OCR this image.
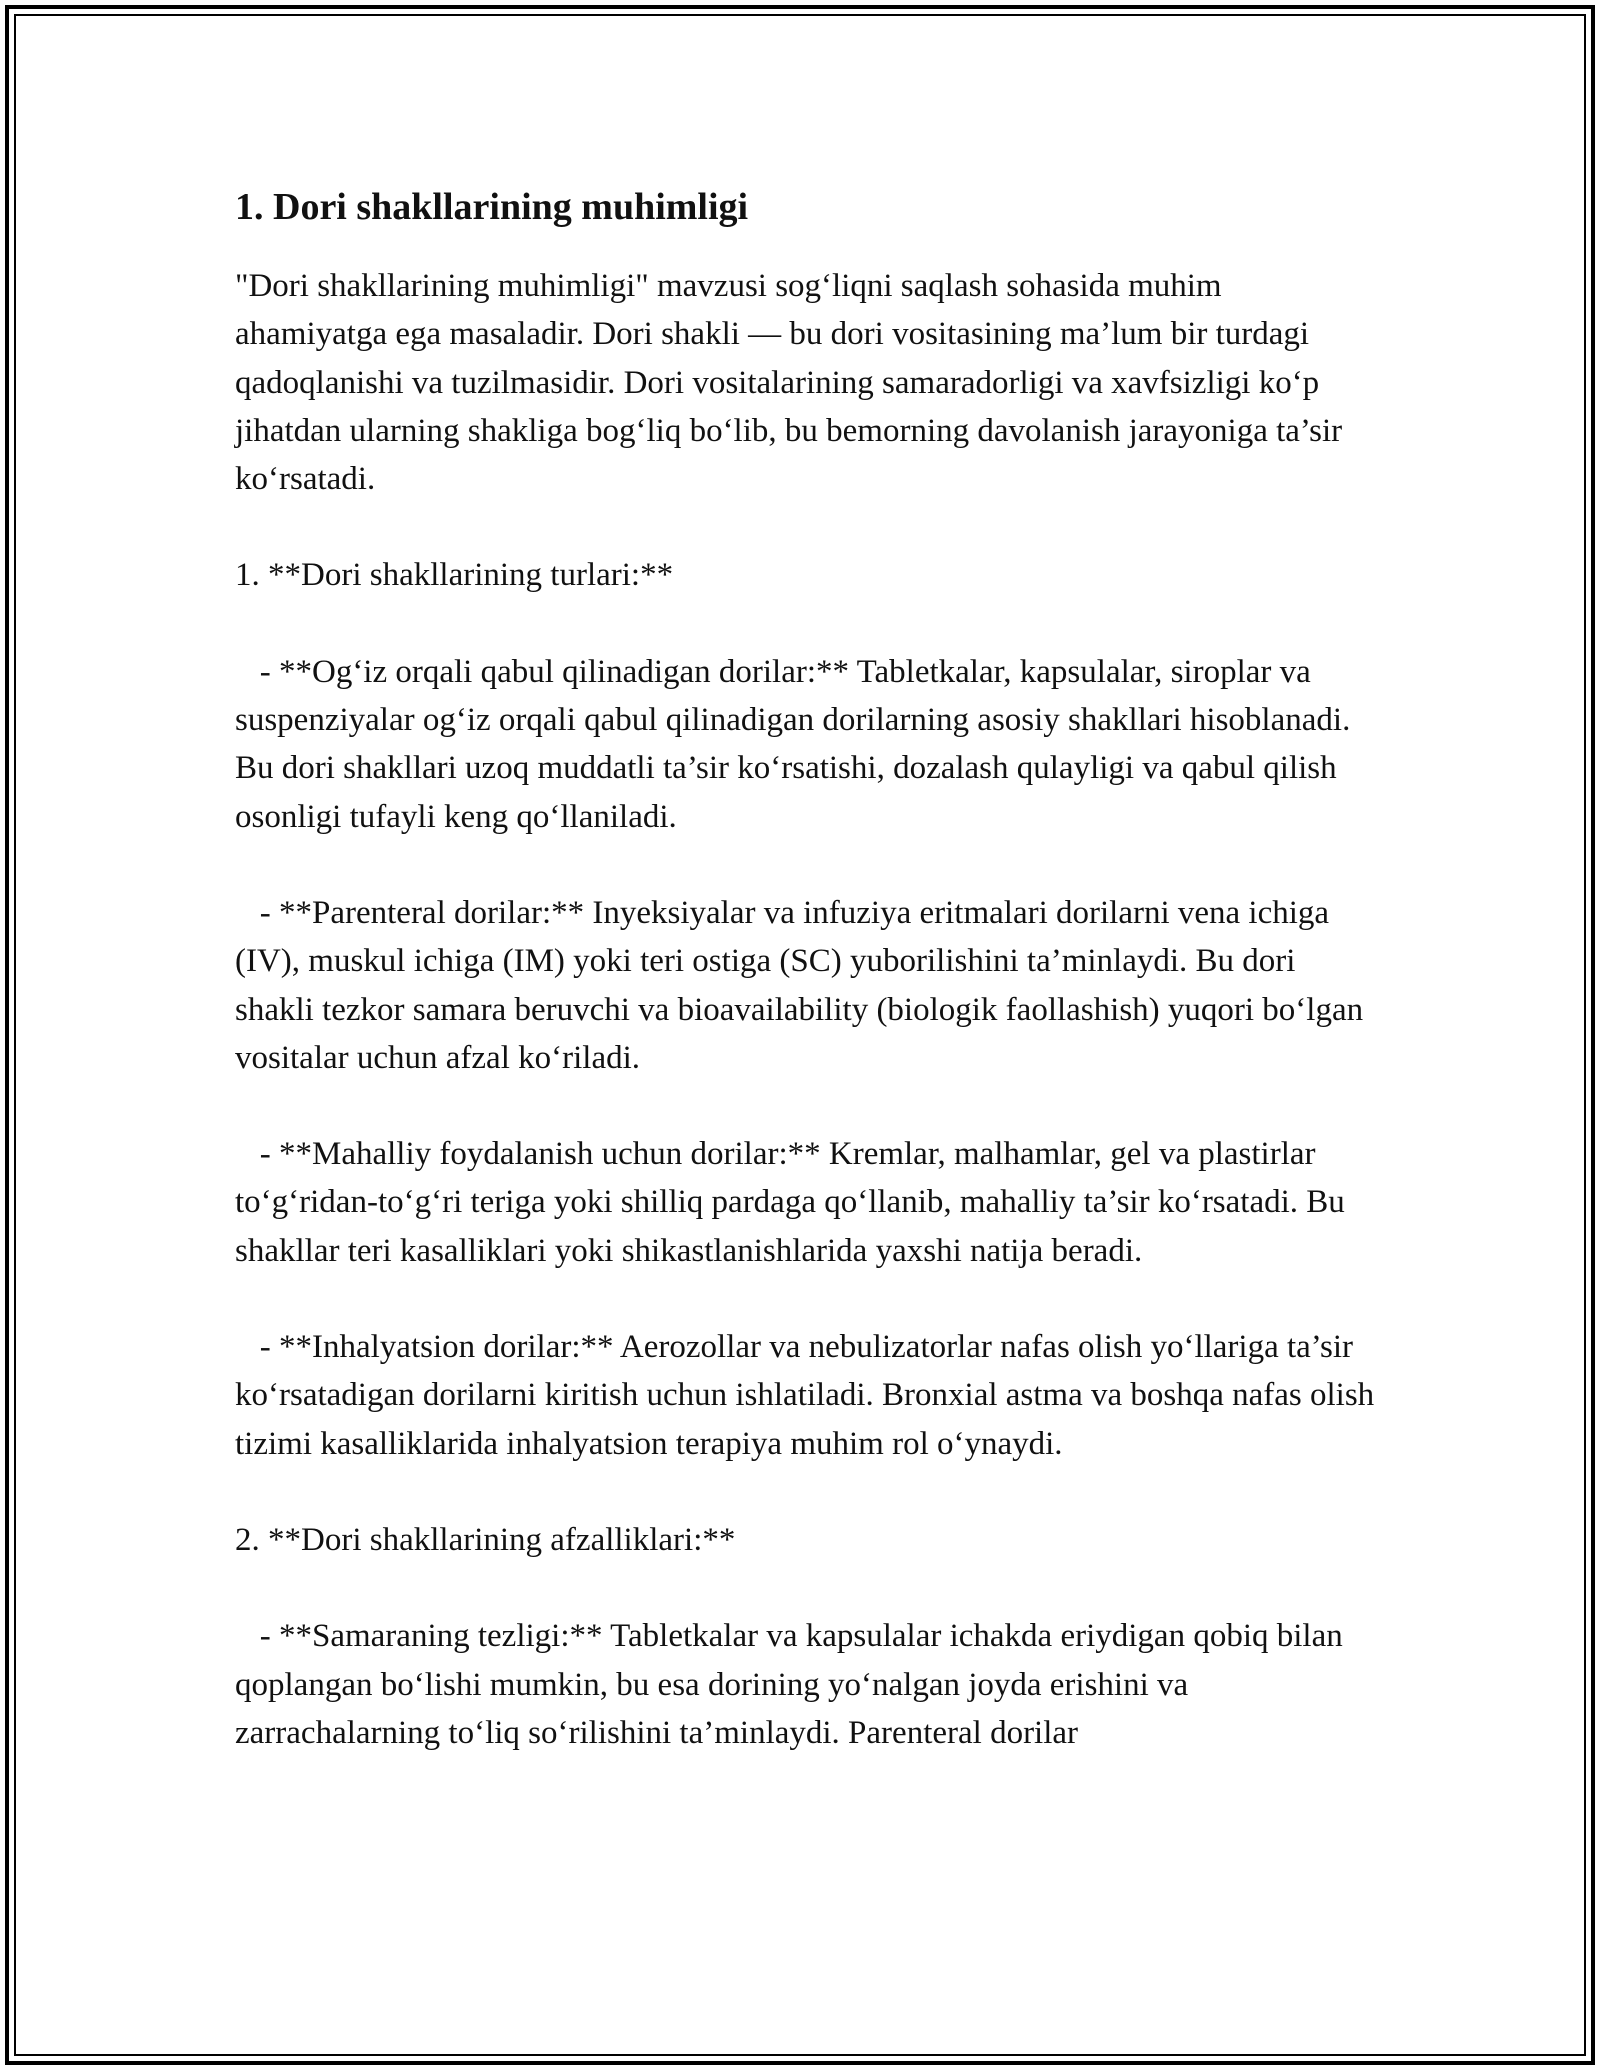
1. Dori shakllarining muhimligi

"Dori shakllarining muhimligi" mavzusi sog‘liqni saqlash sohasida muhim ahamiyatga ega masaladir. Dori shakli — bu dori vositasining ma’lum bir turdagi qadoqlanishi va tuzilmasidir. Dori vositalarining samaradorligi va xavfsizligi ko‘p jihatdan ularning shakliga bog‘liq bo‘lib, bu bemorning davolanish jarayoniga ta’sir ko‘rsatadi.

1. **Dori shakllarining turlari:**

- **Og‘iz orqali qabul qilinadigan dorilar:** Tabletkalar, kapsulalar, siroplar va suspenziyalar og‘iz orqali qabul qilinadigan dorilarning asosiy shakllari hisoblanadi. Bu dori shakllari uzoq muddatli ta’sir ko‘rsatishi, dozalash qulayligi va qabul qilish osonligi tufayli keng qo‘llaniladi.

- **Parenteral dorilar:** Inyeksiyalar va infuziya eritmalari dorilarni vena ichiga (IV), muskul ichiga (IM) yoki teri ostiga (SC) yuborilishini ta’minlaydi. Bu dori shakli tezkor samara beruvchi va bioavailability (biologik faollashish) yuqori bo‘lgan vositalar uchun afzal ko‘riladi.

- **Mahalliy foydalanish uchun dorilar:** Kremlar, malhamlar, gel va plastirlar to‘g‘ridan-to‘g‘ri teriga yoki shilliq pardaga qo‘llanib, mahalliy ta’sir ko‘rsatadi. Bu shakllar teri kasalliklari yoki shikastlanishlarida yaxshi natija beradi.

- **Inhalyatsion dorilar:** Aerozollar va nebulizatorlar nafas olish yo‘llariga ta’sir ko‘rsatadigan dorilarni kiritish uchun ishlatiladi. Bronxial astma va boshqa nafas olish tizimi kasalliklarida inhalyatsion terapiya muhim rol o‘ynaydi.

2. **Dori shakllarining afzalliklari:**

- **Samaraning tezligi:** Tabletkalar va kapsulalar ichakda eriydigan qobiq bilan qoplangan bo‘lishi mumkin, bu esa dorining yo‘nalgan joyda erishini va zarrachalarning to‘liq so‘rilishini ta’minlaydi. Parenteral dorilar
